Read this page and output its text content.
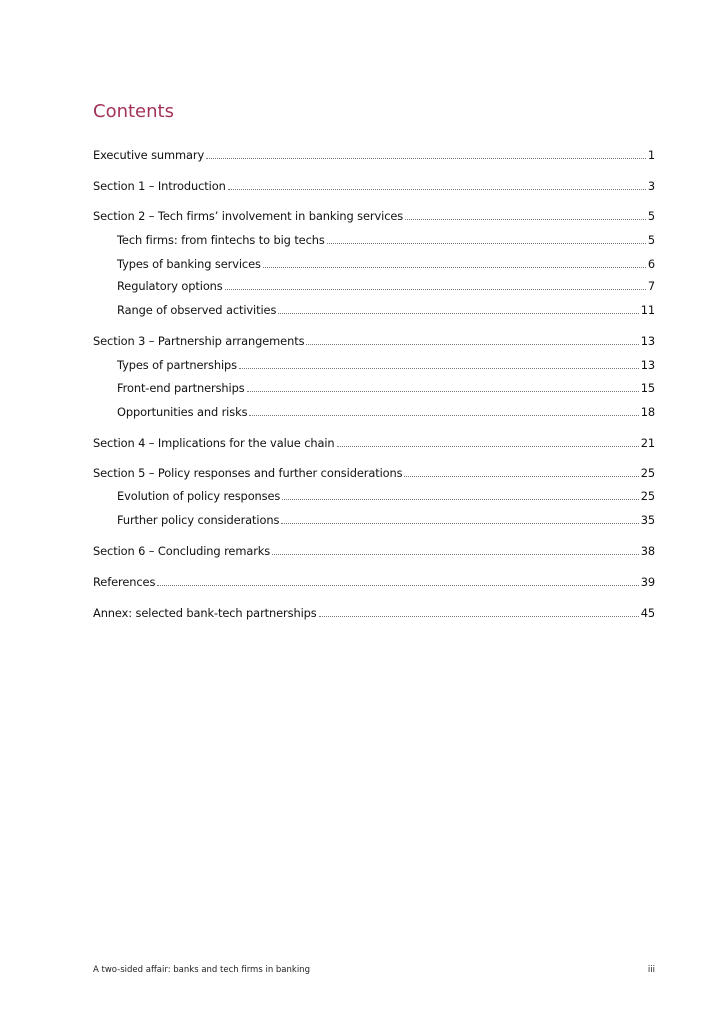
Contents
Executive summary	1
Section 1 – Introduction	3
Section 2 – Tech firms’ involvement in banking services	5
Tech firms: from fintechs to big techs	5
Types of banking services	6
Regulatory options	7
Range of observed activities	11
Section 3 – Partnership arrangements	13
Types of partnerships	13
Front-end partnerships	15
Opportunities and risks	18
Section 4 – Implications for the value chain	21
Section 5 – Policy responses and further considerations	25
Evolution of policy responses	25
Further policy considerations	35
Section 6 – Concluding remarks	38
References	39
Annex: selected bank-tech partnerships	45
A two-sided affair: banks and tech firms in banking	iii
